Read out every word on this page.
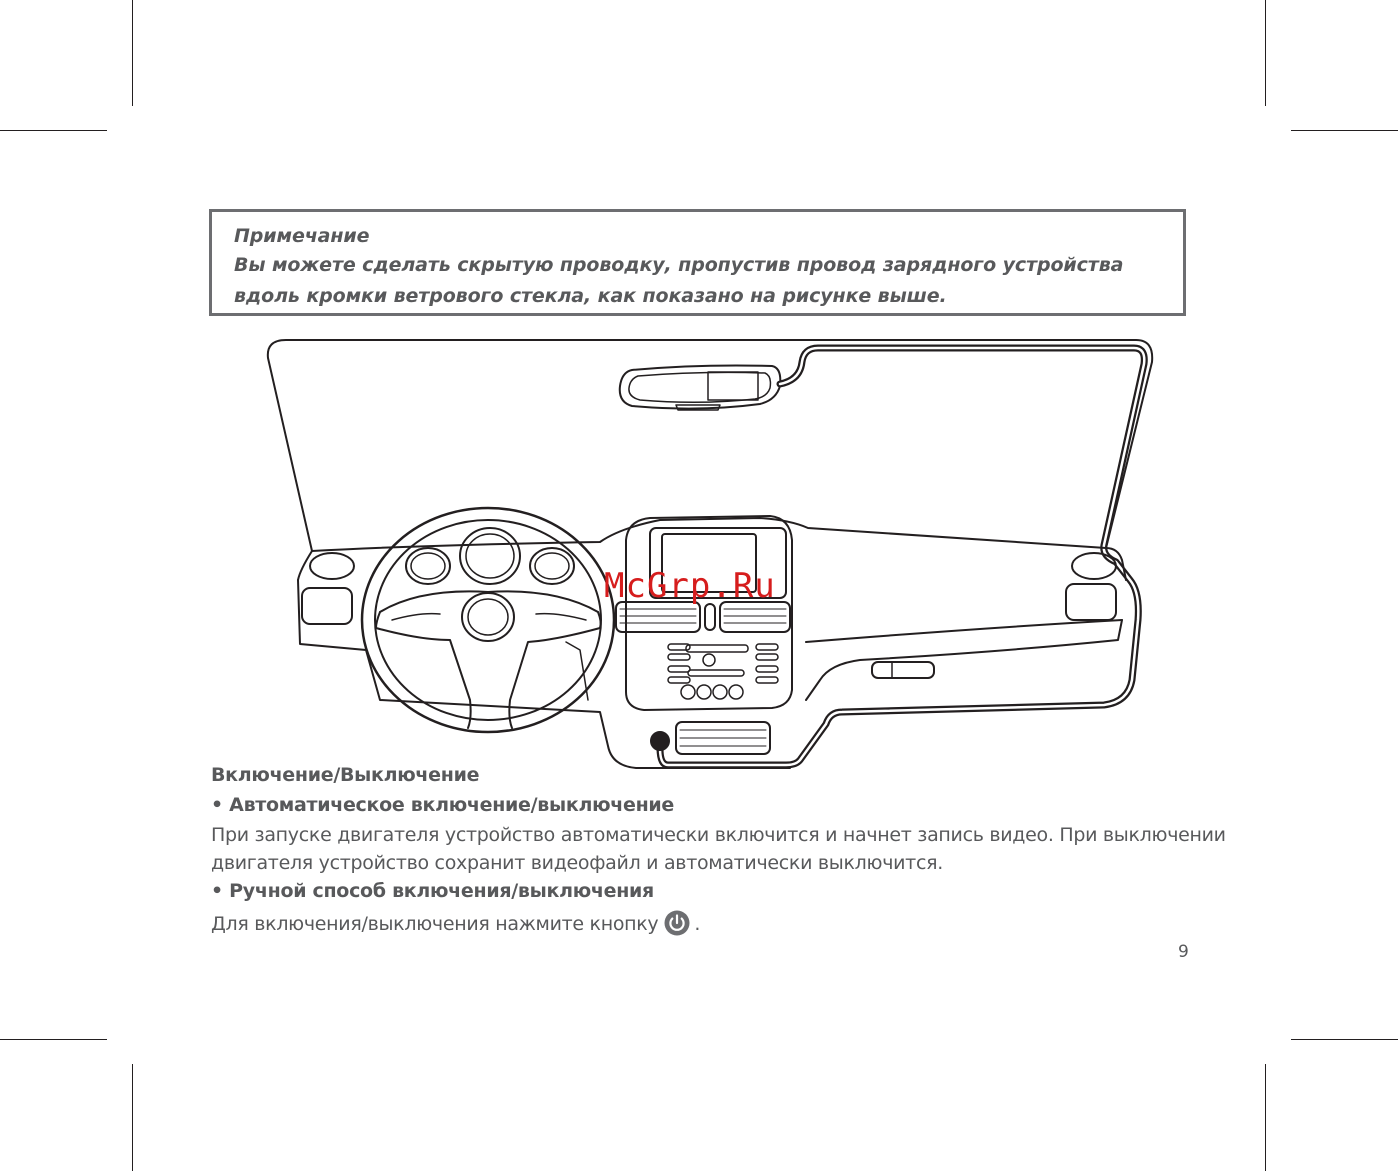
Примечание
Вы можете сделать скрытую проводку, пропустив провод зарядного устройства
вдоль кромки ветрового стекла, как показано на рисунке выше.
McGrp.Ru
Включение/Выключение
• Автоматическое включение/выключение
При запуске двигателя устройство автоматически включится и начнет запись видео. При выключении
двигателя устройство сохранит видеофайл и автоматически выключится.
• Ручной способ включения/выключения
Для включения/выключения нажмите кнопку .
9
